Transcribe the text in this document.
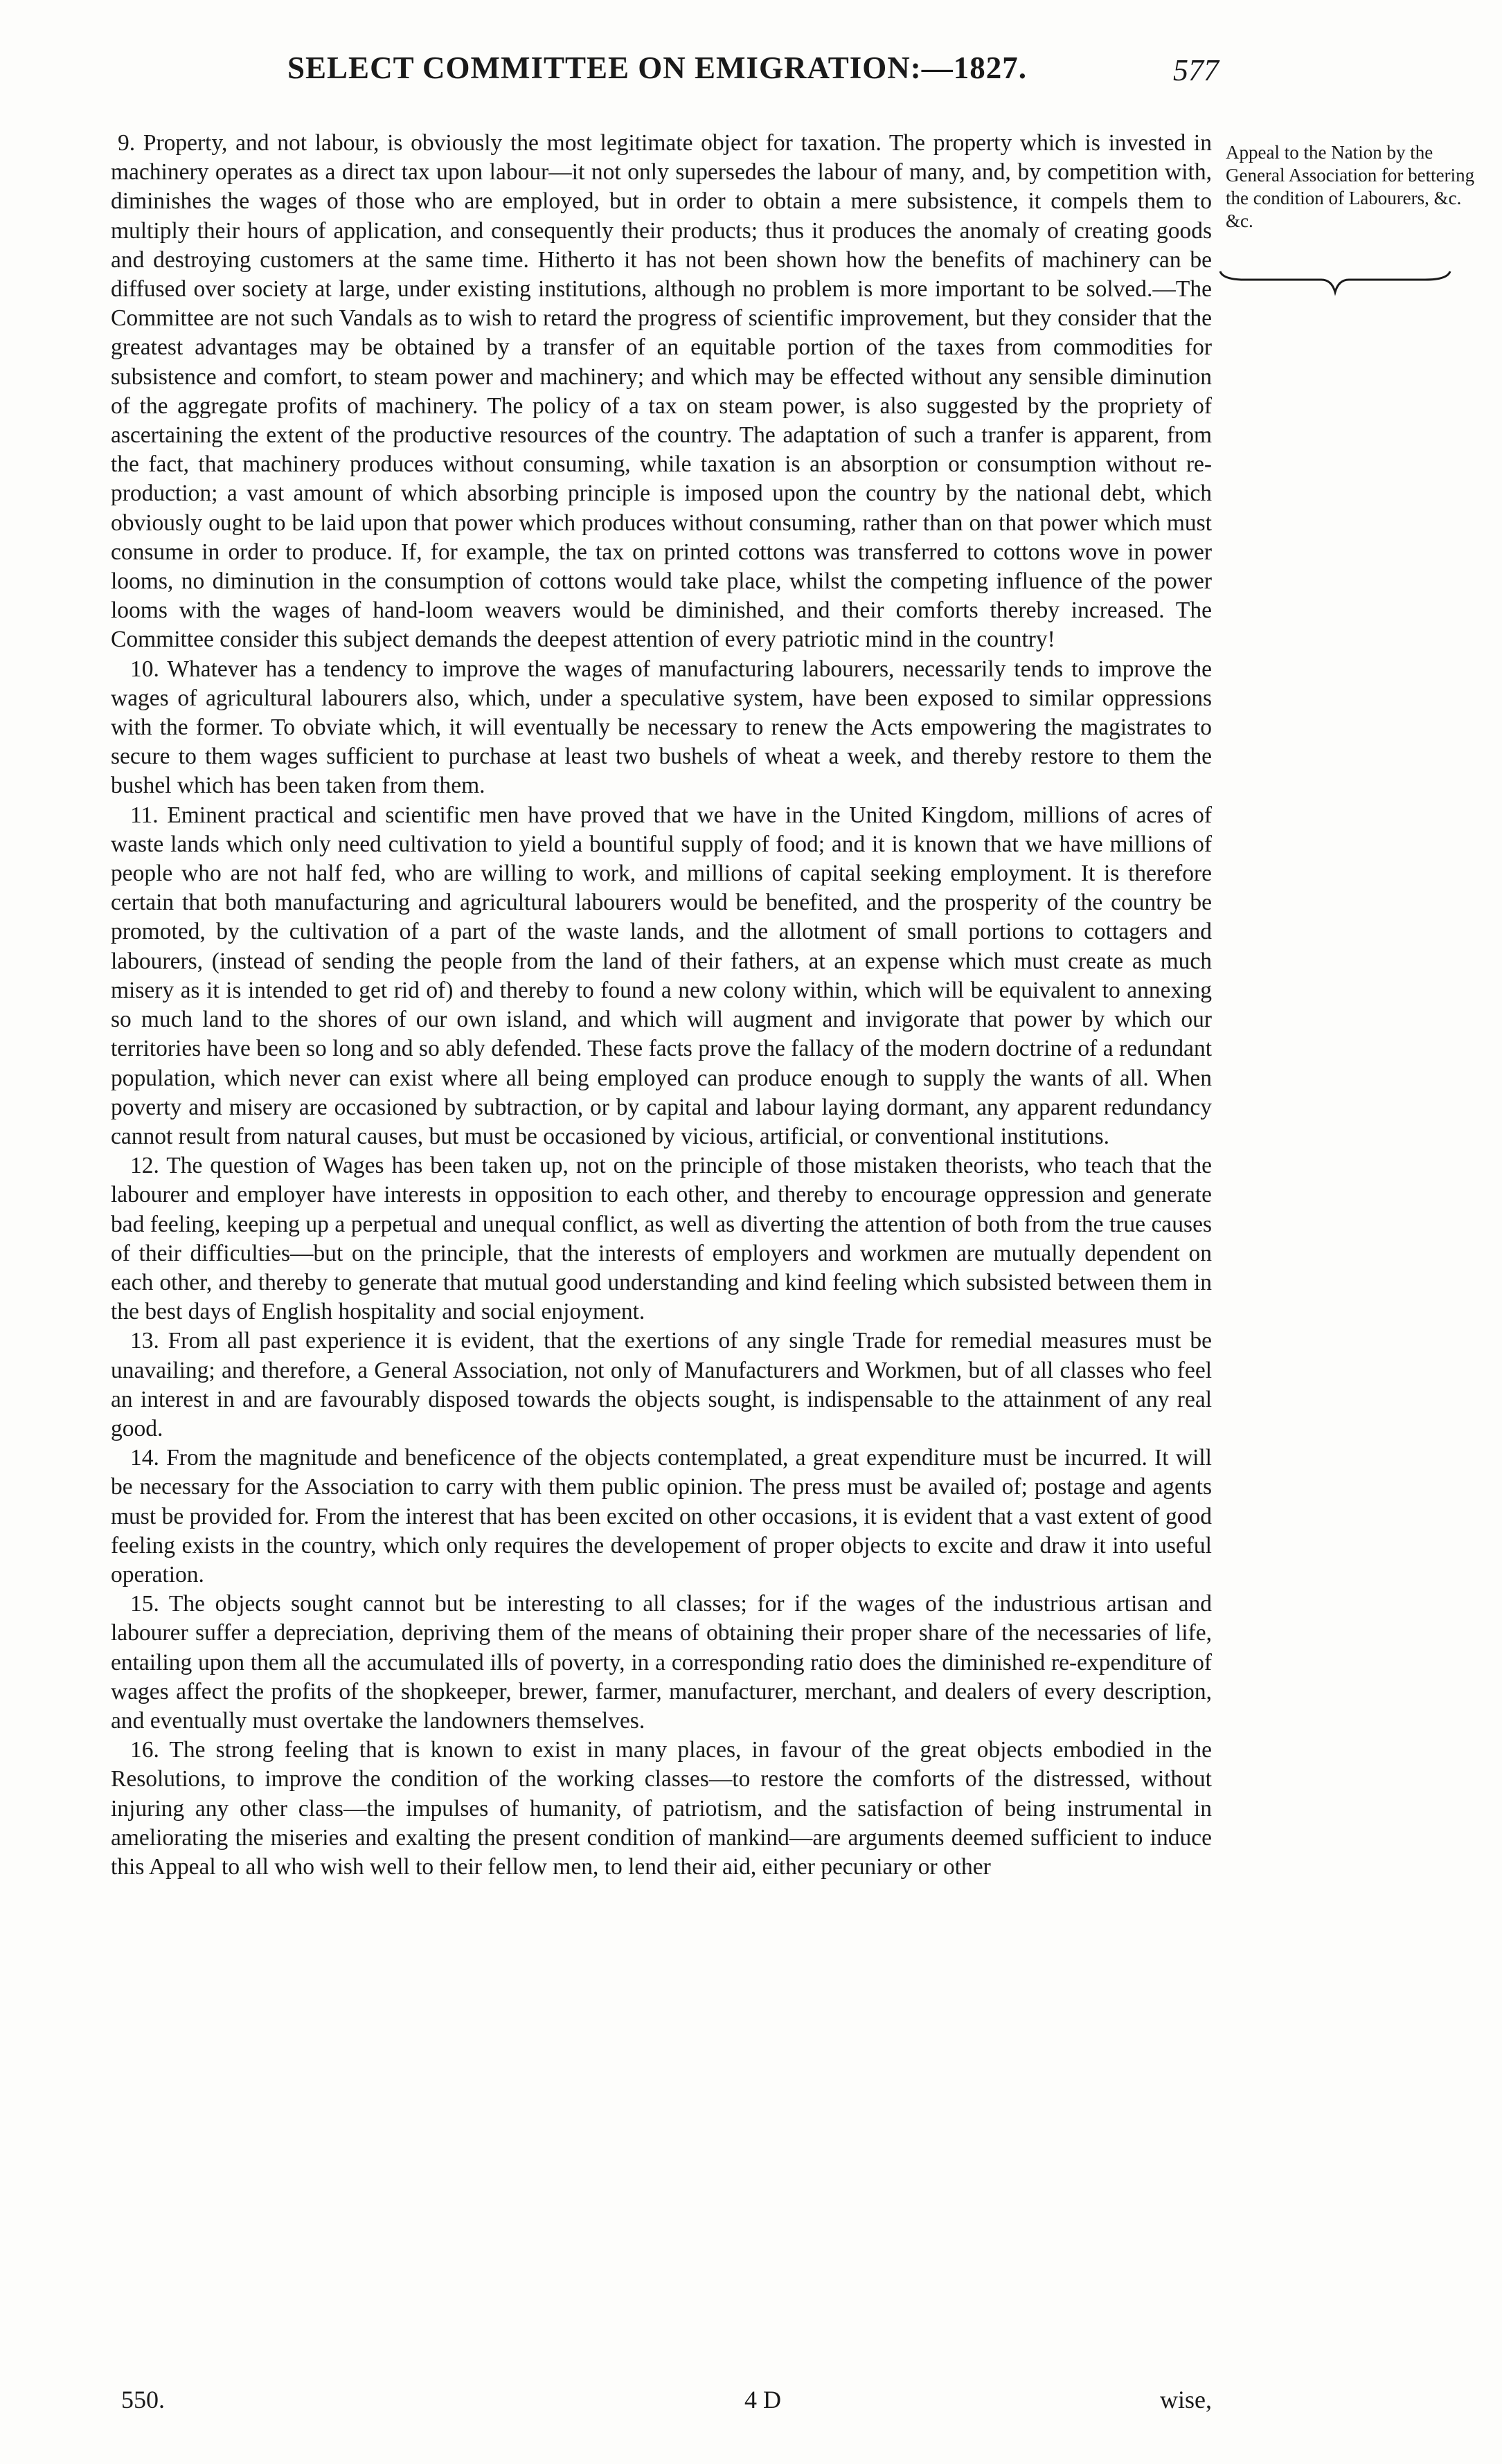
SELECT COMMITTEE ON EMIGRATION:—1827.	577
Appeal to the Nation by the General Association for bettering the condition of Labourers, &c. &c.

9. Property, and not labour, is obviously the most legitimate object for taxation. The property which is invested in machinery operates as a direct tax upon labour—it not only supersedes the labour of many, and, by competition with, diminishes the wages of those who are employed, but in order to obtain a mere subsistence, it compels them to multiply their hours of application, and consequently their products; thus it produces the anomaly of creating goods and destroying customers at the same time. Hitherto it has not been shown how the benefits of machinery can be diffused over society at large, under existing institutions, although no problem is more important to be solved.—The Committee are not such Vandals as to wish to retard the progress of scientific improvement, but they consider that the greatest advantages may be obtained by a transfer of an equitable portion of the taxes from commodities for subsistence and comfort, to steam power and machinery; and which may be effected without any sensible diminution of the aggregate profits of machinery. The policy of a tax on steam power, is also suggested by the propriety of ascertaining the extent of the productive resources of the country. The adaptation of such a tranfer is apparent, from the fact, that machinery produces without consuming, while taxation is an absorption or consumption without re-production; a vast amount of which absorbing principle is imposed upon the country by the national debt, which obviously ought to be laid upon that power which produces without consuming, rather than on that power which must consume in order to produce. If, for example, the tax on printed cottons was transferred to cottons wove in power looms, no diminution in the consumption of cottons would take place, whilst the competing influence of the power looms with the wages of hand-loom weavers would be diminished, and their comforts thereby increased. The Committee consider this subject demands the deepest attention of every patriotic mind in the country!

10. Whatever has a tendency to improve the wages of manufacturing labourers, necessarily tends to improve the wages of agricultural labourers also, which, under a speculative system, have been exposed to similar oppressions with the former. To obviate which, it will eventually be necessary to renew the Acts empowering the magistrates to secure to them wages sufficient to purchase at least two bushels of wheat a week, and thereby restore to them the bushel which has been taken from them.

11. Eminent practical and scientific men have proved that we have in the United Kingdom, millions of acres of waste lands which only need cultivation to yield a bountiful supply of food; and it is known that we have millions of people who are not half fed, who are willing to work, and millions of capital seeking employment. It is therefore certain that both manufacturing and agricultural labourers would be benefited, and the prosperity of the country be promoted, by the cultivation of a part of the waste lands, and the allotment of small portions to cottagers and labourers, (instead of sending the people from the land of their fathers, at an expense which must create as much misery as it is intended to get rid of) and thereby to found a new colony within, which will be equivalent to annexing so much land to the shores of our own island, and which will augment and invigorate that power by which our territories have been so long and so ably defended. These facts prove the fallacy of the modern doctrine of a redundant population, which never can exist where all being employed can produce enough to supply the wants of all. When poverty and misery are occasioned by subtraction, or by capital and labour laying dormant, any apparent redundancy cannot result from natural causes, but must be occasioned by vicious, artificial, or conventional institutions.

12. The question of Wages has been taken up, not on the principle of those mistaken theorists, who teach that the labourer and employer have interests in opposition to each other, and thereby to encourage oppression and generate bad feeling, keeping up a perpetual and unequal conflict, as well as diverting the attention of both from the true causes of their difficulties—but on the principle, that the interests of employers and workmen are mutually dependent on each other, and thereby to generate that mutual good understanding and kind feeling which subsisted between them in the best days of English hospitality and social enjoyment.

13. From all past experience it is evident, that the exertions of any single Trade for remedial measures must be unavailing; and therefore, a General Association, not only of Manufacturers and Workmen, but of all classes who feel an interest in and are favourably disposed towards the objects sought, is indispensable to the attainment of any real good.

14. From the magnitude and beneficence of the objects contemplated, a great expenditure must be incurred. It will be necessary for the Association to carry with them public opinion. The press must be availed of; postage and agents must be provided for. From the interest that has been excited on other occasions, it is evident that a vast extent of good feeling exists in the country, which only requires the developement of proper objects to excite and draw it into useful operation.

15. The objects sought cannot but be interesting to all classes; for if the wages of the industrious artisan and labourer suffer a depreciation, depriving them of the means of obtaining their proper share of the necessaries of life, entailing upon them all the accumulated ills of poverty, in a corresponding ratio does the diminished re-expenditure of wages affect the profits of the shopkeeper, brewer, farmer, manufacturer, merchant, and dealers of every description, and eventually must overtake the landowners themselves.

16. The strong feeling that is known to exist in many places, in favour of the great objects embodied in the Resolutions, to improve the condition of the working classes—to restore the comforts of the distressed, without injuring any other class—the impulses of humanity, of patriotism, and the satisfaction of being instrumental in ameliorating the miseries and exalting the present condition of mankind—are arguments deemed sufficient to induce this Appeal to all who wish well to their fellow men, to lend their aid, either pecuniary or other

550.	4 D	wise,
